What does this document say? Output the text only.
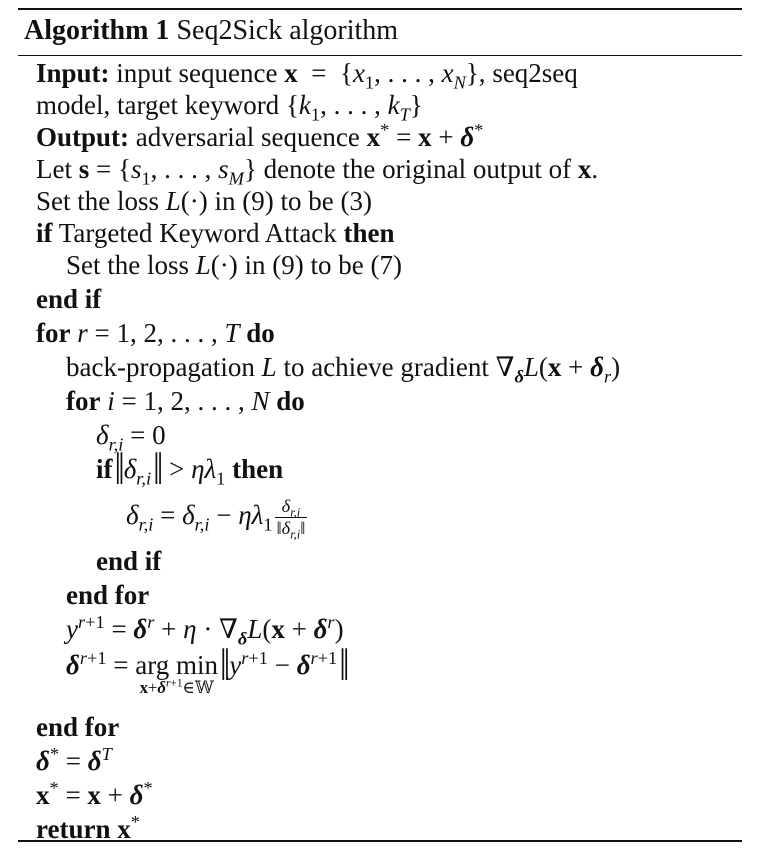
Algorithm 1 Seq2Sick algorithm
Input: input sequence $x = \{x_1$, . . . , $x_N$}, seq2seq
model, target keyword {$k_1$, . . . , $k_T$}
Output: adversarial sequence x* = x + δ*
Let $s = \{s_1$, . . . , $s_M$} denote the original output of x.
Set the loss L(·) in (9) to be (3)
if Targeted Keyword Attack then
Set the loss L(·) in (9) to be (7)
end if
for r = 1, 2, . . . , T do
back-propagation L to achieve gradient $\nabla_\delta L(x + \delta_r)$
for i = 1, 2, . . . , N do
$\delta_{r,i} = 0$
$if‖\delta_{r,i}‖ > \eta\lambda_1$ then
$\delta_{r,i} = \delta_{r,i} - \eta\lambda_1 \frac{\delta_{r,i}}{‖\delta_{r,i}‖}$
end if
end for
$y^{r+1} = \delta^r + \eta \cdot \nabla_\delta L(x + \delta^r)$
$\delta^{r+1}$ = arg min
$x+\delta^{r+1}\in 𝕎$ $‖y^{r+1}$ − $\delta^{r+1}‖$
end for
$\delta^* = \delta^T$
x* = x + δ*
return x*
